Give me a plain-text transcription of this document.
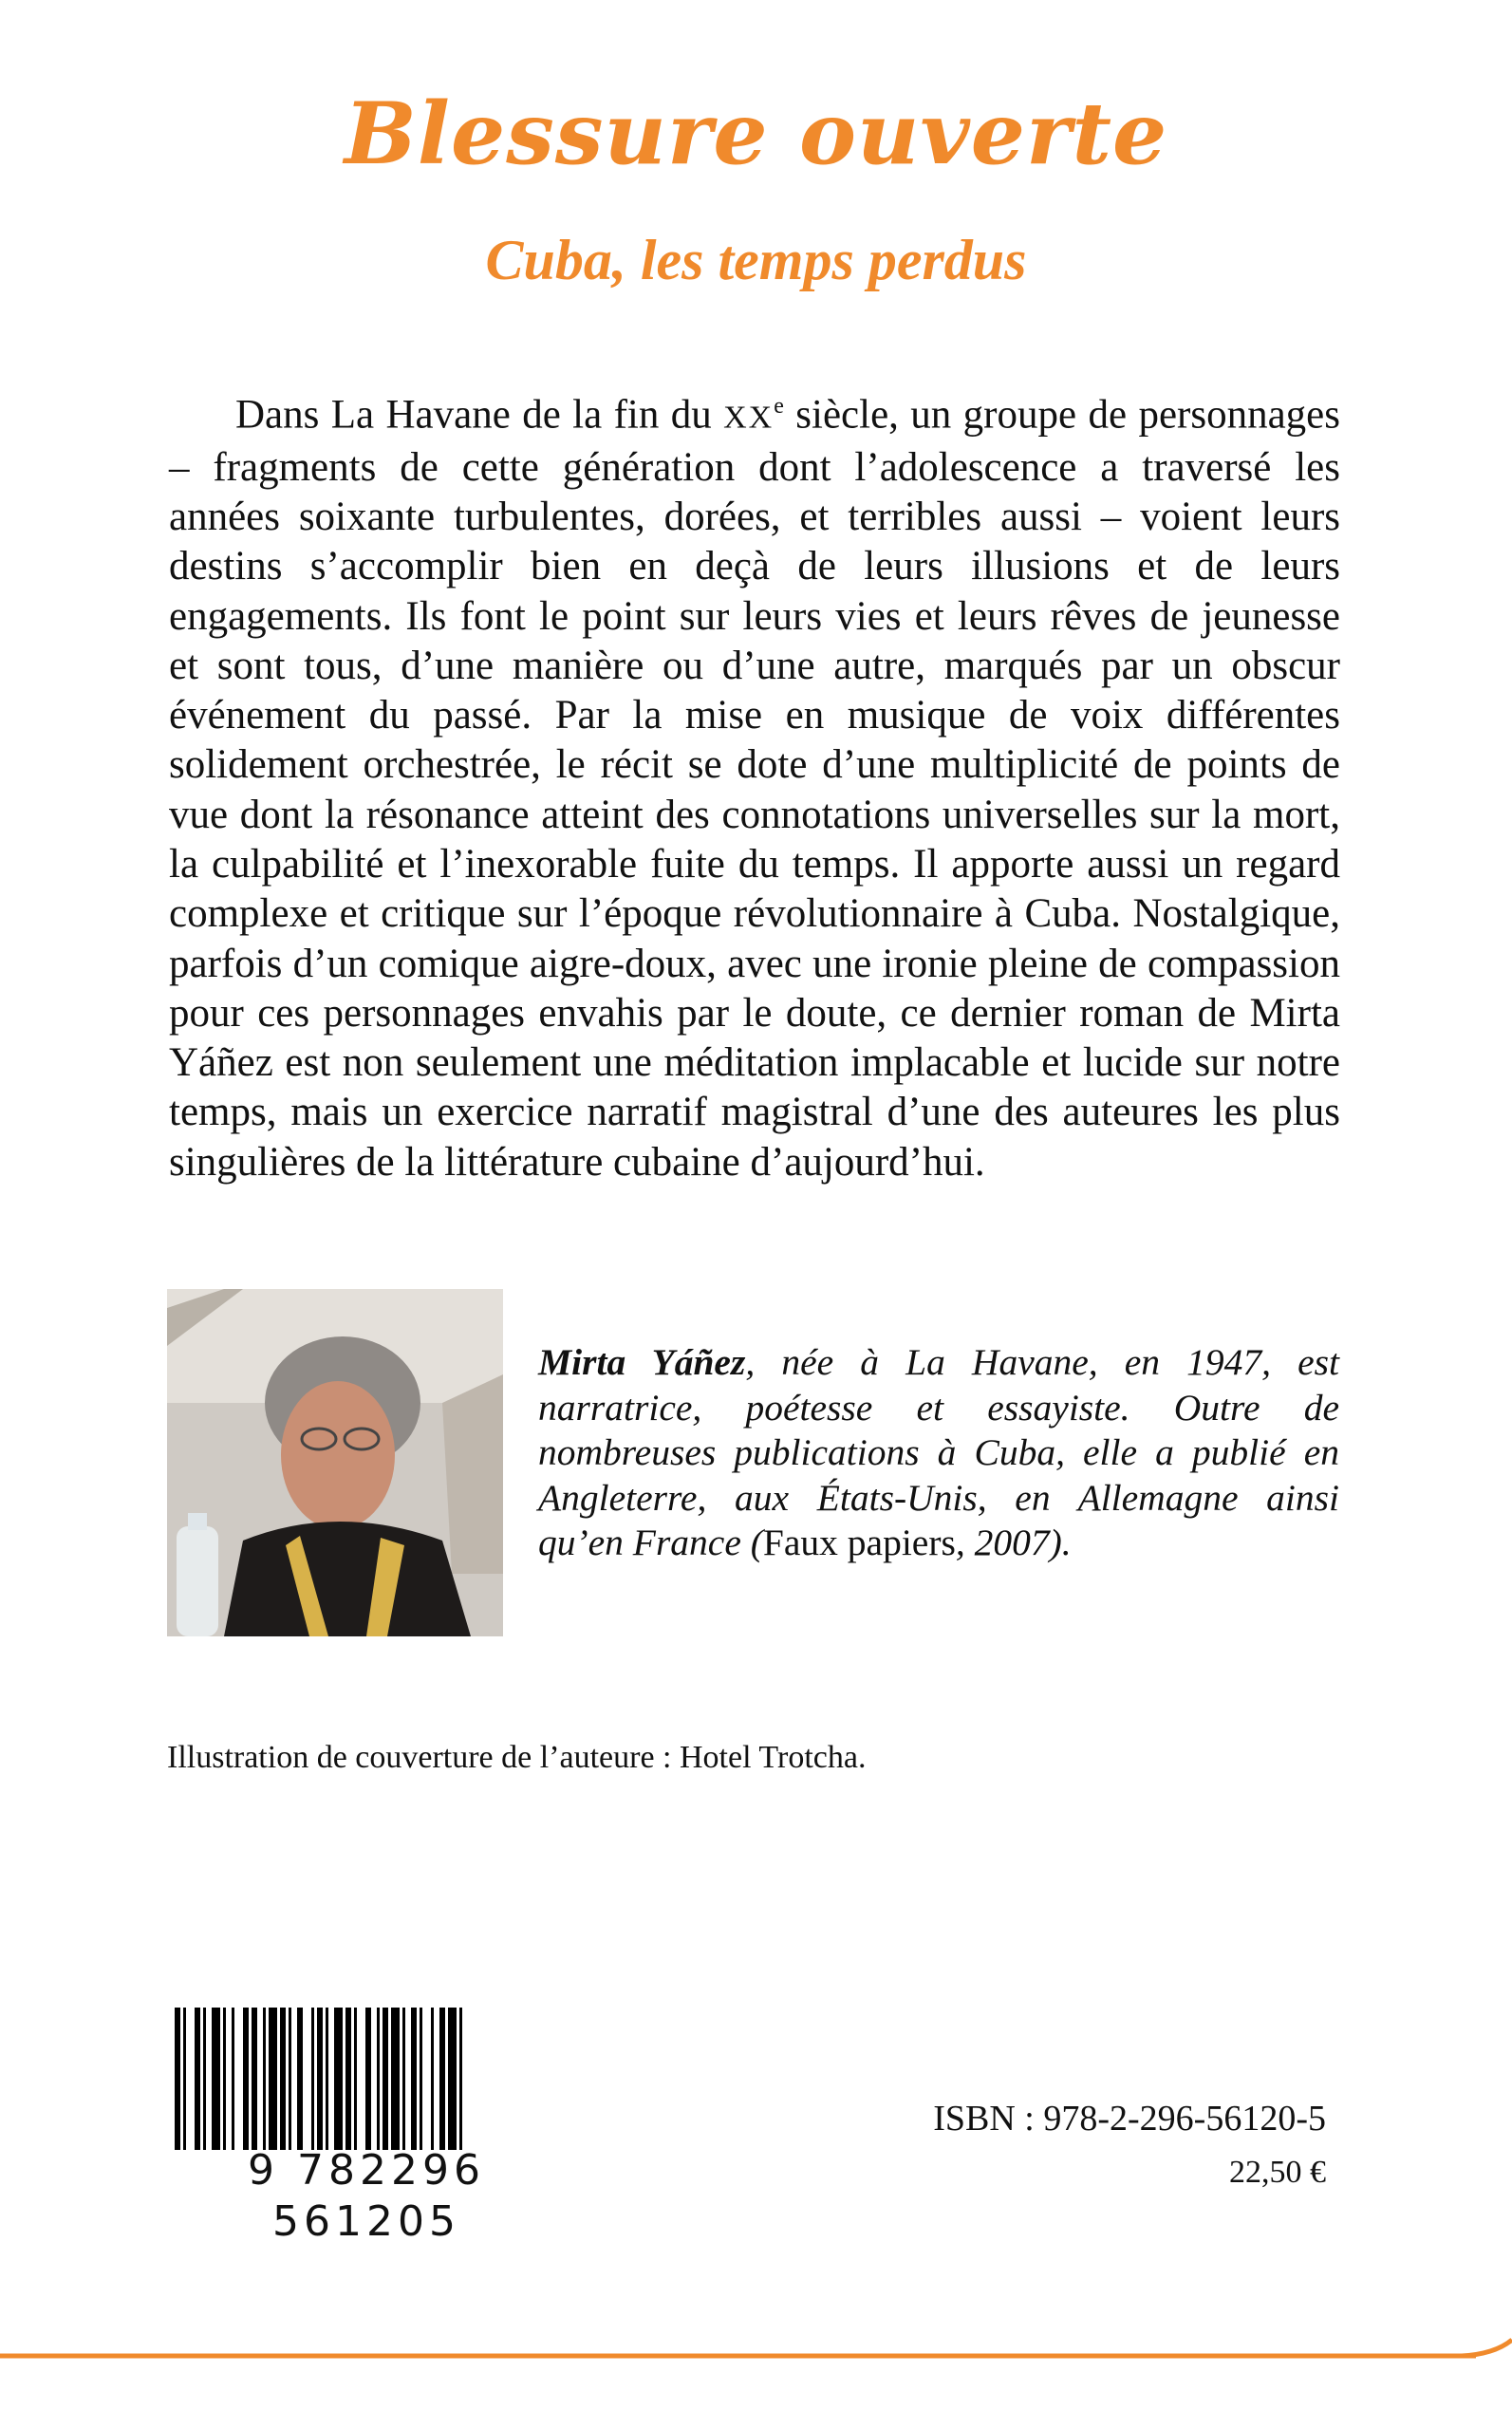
Blessure ouverte
Cuba, les temps perdus

Dans La Havane de la fin du XXe siècle, un groupe de personnages – fragments de cette génération dont l’adolescence a traversé les années soixante turbulentes, dorées, et terribles aussi – voient leurs destins s’accomplir bien en deçà de leurs illusions et de leurs engagements. Ils font le point sur leurs vies et leurs rêves de jeunesse et sont tous, d’une manière ou d’une autre, marqués par un obscur événement du passé. Par la mise en musique de voix différentes solidement orchestrée, le récit se dote d’une multiplicité de points de vue dont la résonance atteint des connotations universelles sur la mort, la culpabilité et l’inexorable fuite du temps. Il apporte aussi un regard complexe et critique sur l’époque révolutionnaire à Cuba. Nostalgique, parfois d’un comique aigre-doux, avec une ironie pleine de compassion pour ces personnages envahis par le doute, ce dernier roman de Mirta Yáñez est non seulement une méditation implacable et lucide sur notre temps, mais un exercice narratif magistral d’une des auteures les plus singulières de la littérature cubaine d’aujourd’hui.

Mirta Yáñez, née à La Havane, en 1947, est narratrice, poétesse et essayiste. Outre de nombreuses publications à Cuba, elle a publié en Angleterre, aux États-Unis, en Allemagne ainsi qu’en France (Faux papiers, 2007).

Illustration de couverture de l’auteure : Hotel Trotcha.

9 782296 561205

ISBN : 978-2-296-56120-5

22,50 €
